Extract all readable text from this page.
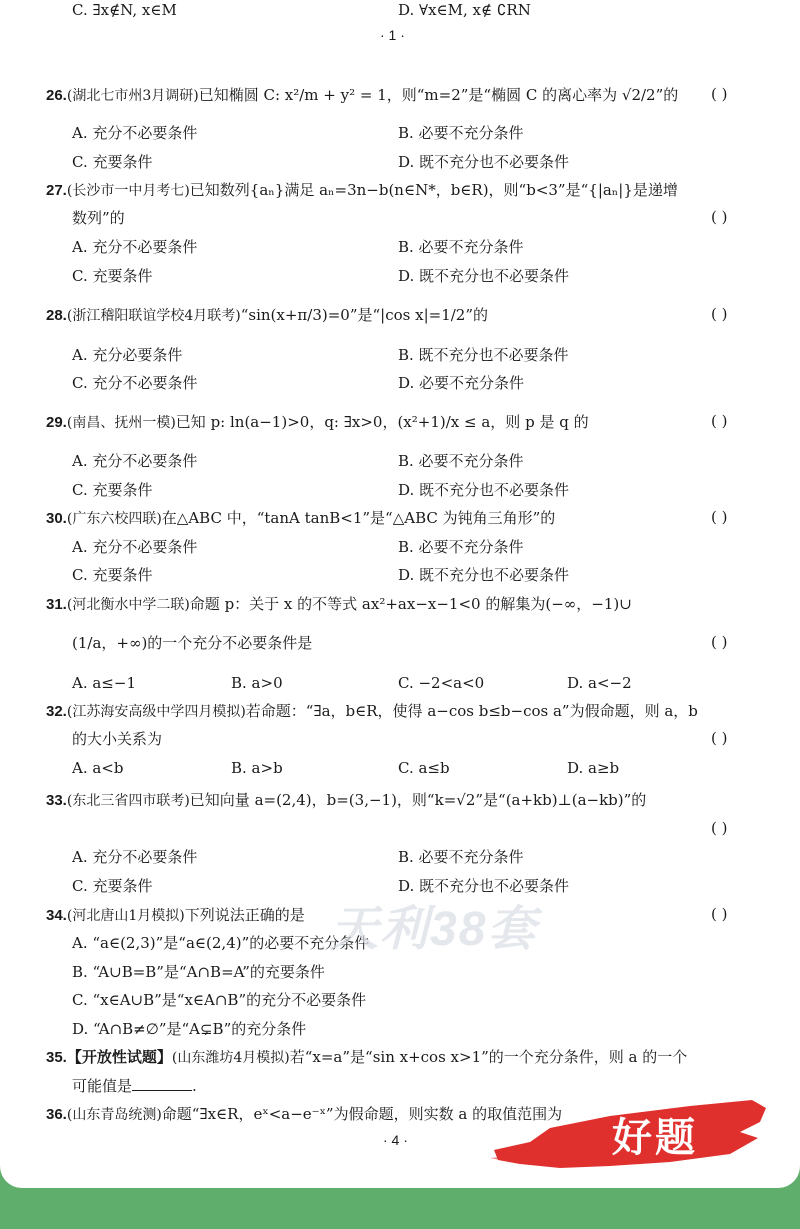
C. ∃x∉N, x∈M	D. ∀x∈M, x∉ ∁RN
· 1 ·
26.(湖北七市州3月调研)已知椭圆 C: x²/m + y² = 1，则“m=2”是“椭圆 C 的离心率为 √2/2”的 ( )
A. 充分不必要条件	B. 必要不充分条件
C. 充要条件	D. 既不充分也不必要条件
27.(长沙市一中月考七)已知数列{aₙ}满足 aₙ=3n−b(n∈N*，b∈R)，则“b<3”是“{|aₙ|}是递增
数列”的	( )
A. 充分不必要条件	B. 必要不充分条件
C. 充要条件	D. 既不充分也不必要条件
28.(浙江稽阳联谊学校4月联考)“sin(x+π/3)=0”是“|cos x|=1/2”的	( )
A. 充分必要条件	B. 既不充分也不必要条件
C. 充分不必要条件	D. 必要不充分条件
29.(南昌、抚州一模)已知 p: ln(a−1)>0，q: ∃x>0，(x²+1)/x ≤ a，则 p 是 q 的	( )
A. 充分不必要条件	B. 必要不充分条件
C. 充要条件	D. 既不充分也不必要条件
30.(广东六校四联)在△ABC 中，“tanA tanB<1”是“△ABC 为钝角三角形”的	( )
A. 充分不必要条件	B. 必要不充分条件
C. 充要条件	D. 既不充分也不必要条件
31.(河北衡水中学二联)命题 p：关于 x 的不等式 ax²+ax−x−1<0 的解集为(−∞，−1)∪
(1/a，+∞)的一个充分不必要条件是	( )
A. a≤−1	B. a>0	C. −2<a<0	D. a<−2
32.(江苏海安高级中学四月模拟)若命题：“∃a，b∈R，使得 a−cos b≤b−cos a”为假命题，则 a，b
的大小关系为	( )
A. a<b	B. a>b	C. a≤b	D. a≥b
33.(东北三省四市联考)已知向量 a=(2,4)，b=(3,−1)，则“k=√2”是“(a+kb)⊥(a−kb)”的
( )
A. 充分不必要条件	B. 必要不充分条件
C. 充要条件	D. 既不充分也不必要条件
34.(河北唐山1月模拟)下列说法正确的是	( )
A. “a∈(2,3)”是“a∈(2,4)”的必要不充分条件
B. “A∪B=B”是“A∩B=A”的充要条件
C. “x∈A∪B”是“x∈A∩B”的充分不必要条件
D. “A∩B≠∅”是“A⊊B”的充分条件
天利38套
35.【开放性试题】(山东潍坊4月模拟)若“x=a”是“sin x+cos x>1”的一个充分条件，则 a 的一个
可能值是	.
36.(山东青岛统测)命题“∃x∈R，eˣ<a−e⁻ˣ”为假命题，则实数 a 的取值范围为
· 4 ·	好题
